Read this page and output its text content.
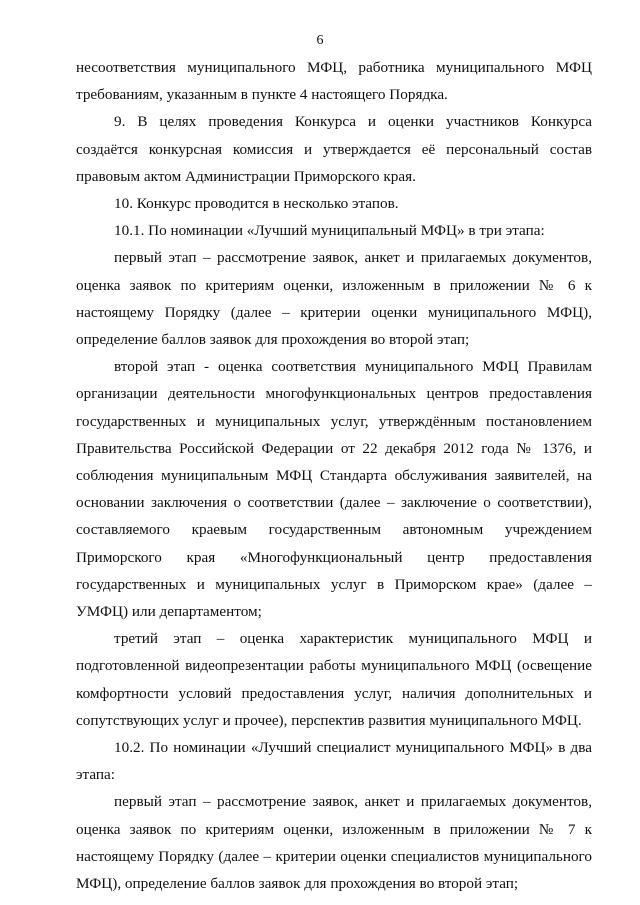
6

несоответствия муниципального МФЦ, работника муниципального МФЦ требованиям, указанным в пункте 4 настоящего Порядка.

9. В целях проведения Конкурса и оценки участников Конкурса создаётся конкурсная комиссия и утверждается её персональный состав правовым актом Администрации Приморского края.

10. Конкурс проводится в несколько этапов.

10.1. По номинации «Лучший муниципальный МФЦ» в три этапа:

первый этап – рассмотрение заявок, анкет и прилагаемых документов, оценка заявок по критериям оценки, изложенным в приложении № 6 к настоящему Порядку (далее – критерии оценки муниципального МФЦ), определение баллов заявок для прохождения во второй этап;

второй этап - оценка соответствия муниципального МФЦ Правилам организации деятельности многофункциональных центров предоставления государственных и муниципальных услуг, утверждённым постановлением Правительства Российской Федерации от 22 декабря 2012 года № 1376, и соблюдения муниципальным МФЦ Стандарта обслуживания заявителей, на основании заключения о соответствии (далее – заключение о соответствии), составляемого краевым государственным автономным учреждением Приморского края «Многофункциональный центр предоставления государственных и муниципальных услуг в Приморском крае» (далее – УМФЦ) или департаментом;

третий этап – оценка характеристик муниципального МФЦ и подготовленной видеопрезентации работы муниципального МФЦ (освещение комфортности условий предоставления услуг, наличия дополнительных и сопутствующих услуг и прочее), перспектив развития муниципального МФЦ.

10.2. По номинации «Лучший специалист муниципального МФЦ» в два этапа:

первый этап – рассмотрение заявок, анкет и прилагаемых документов, оценка заявок по критериям оценки, изложенным в приложении № 7 к настоящему Порядку (далее – критерии оценки специалистов муниципального МФЦ), определение баллов заявок для прохождения во второй этап;
